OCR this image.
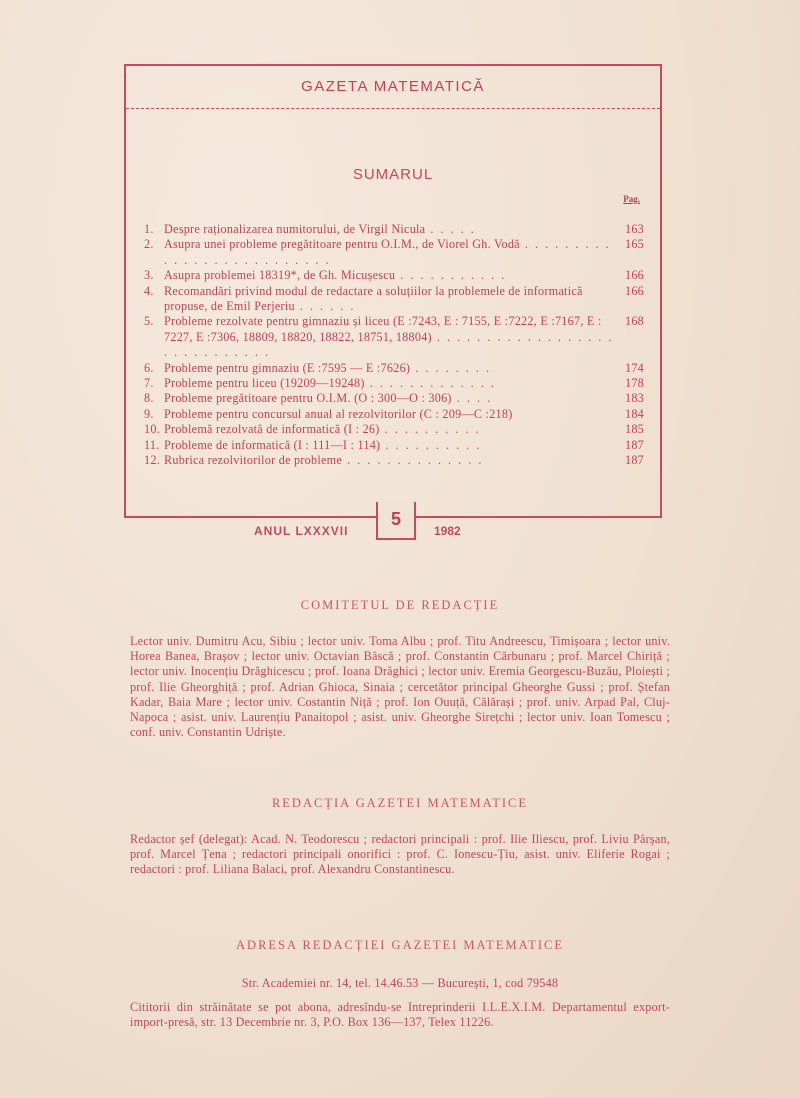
GAZETA MATEMATICĂ
SUMARUL
Pag.
1. Despre raționalizarea numitorului, de Virgil Nicula . . . . .	163
2. Asupra unei probleme pregătitoare pentru O.I.M., de Viorel Gh. Vodă . . . . . . . . . . . . . . . . . . . . . . . . . .
165
3. Asupra problemei 18319*, de Gh. Micușescu . . . . . . . . . . .	166
4. Recomandări privind modul de redactare a soluțiilor la problemele de informatică propuse, de Emil Perjeriu . . . . . .
166
5. Probleme rezolvate pentru gimnaziu și liceu (E :7243, E : 7155, E :7222, E :7167, E : 7227, E :7306, 18809, 18820, 18822, 18751, 18804) . . . . . . . . . . . . . . . . . . . . . . . . . . . . .
168
6. Probleme pentru gimnaziu (E :7595 — E :7626) . . . . . . . .	174
7. Probleme pentru liceu (19209—19248) . . . . . . . . . . . . .	178
8. Probleme pregătitoare pentru O.I.M. (O : 300—O : 306) . . . .	183
9. Probleme pentru concursul anual al rezolvitorilor (C : 209—C :218)	184
10. Problemă rezolvată de informatică (I : 26) . . . . . . . . . .	185
11. Probleme de informatică (I : 111—I : 114) . . . . . . . . . .	187
12. Rubrica rezolvitorilor de probleme . . . . . . . . . . . . . .	187
ANUL LXXXVII
5
1982
COMITETUL DE REDACȚIE
Lector univ. Dumitru Acu, Sibiu ; lector univ. Toma Albu ; prof. Titu Andreescu, Timișoara ; lector univ. Horea Banea, Brașov ; lector univ. Octavian Bâscă ; prof. Constantin Cărbunaru ; prof. Marcel Chiriță ; lector univ. Inocențiu Drăghicescu ; prof. Ioana Drăghici ; lector univ. Eremia Georgescu-Buzău, Ploiești ; prof. Ilie Gheorghiță ; prof. Adrian Ghioca, Sinaia ; cercetător principal Gheorghe Gussi ; prof. Ștefan Kadar, Baia Mare ; lector univ. Costantin Niță ; prof. Ion Ouuță, Călărași ; prof. univ. Arpad Pal, Cluj-Napoca ; asist. univ. Laurențiu Panaitopol ; asist. univ. Gheorghe Sirețchi ; lector univ. Ioan Tomescu ; conf. univ. Constantin Udriște.
REDACȚIA GAZETEI MATEMATICE
Redactor șef (delegat): Acad. N. Teodorescu ; redactori principali : prof. Ilie Iliescu, prof. Liviu Pârșan, prof. Marcel Țena ; redactori principali onorifici : prof. C. Ionescu-Țiu, asist. univ. Eliferie Rogai ; redactori : prof. Liliana Balaci, prof. Alexandru Constantinescu.
ADRESA REDACȚIEI GAZETEI MATEMATICE
Str. Academiei nr. 14, tel. 14.46.53 — București, 1, cod 79548
Cititorii din străinătate se pot abona, adresîndu-se Intreprinderii I.L.E.X.I.M. Departamentul export-import-presă, str. 13 Decembrie nr. 3, P.O. Box 136—137, Telex 11226.
